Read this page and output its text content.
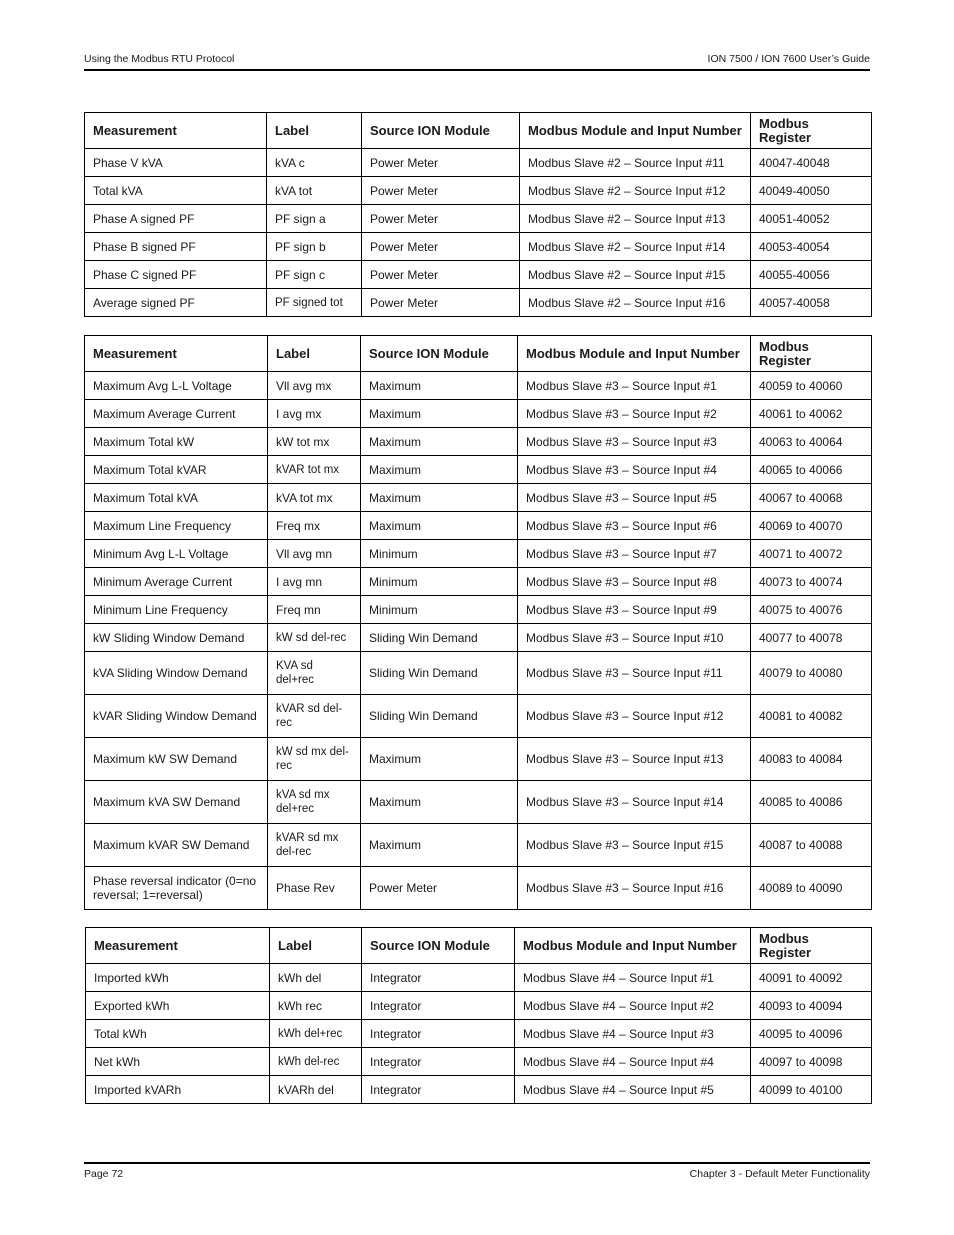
Using the Modbus RTU Protocol	ION 7500 / ION 7600 User’s Guide
Measurement	Label	Source ION Module	Modbus Module and Input Number	Modbus Register
Phase V kVA	kVA c	Power Meter	Modbus Slave #2 – Source Input #11	40047-40048
Total kVA	kVA tot	Power Meter	Modbus Slave #2 – Source Input #12	40049-40050
Phase A signed PF	PF sign a	Power Meter	Modbus Slave #2 – Source Input #13	40051-40052
Phase B signed PF	PF sign b	Power Meter	Modbus Slave #2 – Source Input #14	40053-40054
Phase C signed PF	PF sign c	Power Meter	Modbus Slave #2 – Source Input #15	40055-40056
Average signed PF	PF signed tot	Power Meter	Modbus Slave #2 – Source Input #16	40057-40058
Measurement	Label	Source ION Module	Modbus Module and Input Number	Modbus Register
Maximum Avg L-L Voltage	Vll avg mx	Maximum	Modbus Slave #3 – Source Input #1	40059 to 40060
Maximum Average Current	I avg mx	Maximum	Modbus Slave #3 – Source Input #2	40061 to 40062
Maximum Total kW	kW tot mx	Maximum	Modbus Slave #3 – Source Input #3	40063 to 40064
Maximum Total kVAR	kVAR tot mx	Maximum	Modbus Slave #3 – Source Input #4	40065 to 40066
Maximum Total kVA	kVA tot mx	Maximum	Modbus Slave #3 – Source Input #5	40067 to 40068
Maximum Line Frequency	Freq mx	Maximum	Modbus Slave #3 – Source Input #6	40069 to 40070
Minimum Avg L-L Voltage	Vll avg mn	Minimum	Modbus Slave #3 – Source Input #7	40071 to 40072
Minimum Average Current	I avg mn	Minimum	Modbus Slave #3 – Source Input #8	40073 to 40074
Minimum Line Frequency	Freq mn	Minimum	Modbus Slave #3 – Source Input #9	40075 to 40076
kW Sliding Window Demand	kW sd del-rec	Sliding Win Demand	Modbus Slave #3 – Source Input #10	40077 to 40078
kVA Sliding Window Demand	KVA sd del+rec	Sliding Win Demand	Modbus Slave #3 – Source Input #11	40079 to 40080
kVAR Sliding Window Demand	kVAR sd del-rec	Sliding Win Demand	Modbus Slave #3 – Source Input #12	40081 to 40082
Maximum kW SW Demand	kW sd mx del-rec	Maximum	Modbus Slave #3 – Source Input #13	40083 to 40084
Maximum kVA SW Demand	kVA sd mx del+rec	Maximum	Modbus Slave #3 – Source Input #14	40085 to 40086
Maximum kVAR SW Demand	kVAR sd mx del-rec	Maximum	Modbus Slave #3 – Source Input #15	40087 to 40088
Phase reversal indicator (0=no reversal; 1=reversal)	Phase Rev	Power Meter	Modbus Slave #3 – Source Input #16	40089 to 40090
Measurement	Label	Source ION Module	Modbus Module and Input Number	Modbus Register
Imported kWh	kWh del	Integrator	Modbus Slave #4 – Source Input #1	40091 to 40092
Exported kWh	kWh rec	Integrator	Modbus Slave #4 – Source Input #2	40093 to 40094
Total kWh	kWh del+rec	Integrator	Modbus Slave #4 – Source Input #3	40095 to 40096
Net kWh	kWh del-rec	Integrator	Modbus Slave #4 – Source Input #4	40097 to 40098
Imported kVARh	kVARh del	Integrator	Modbus Slave #4 – Source Input #5	40099 to 40100
Page 72	Chapter 3 - Default Meter Functionality
